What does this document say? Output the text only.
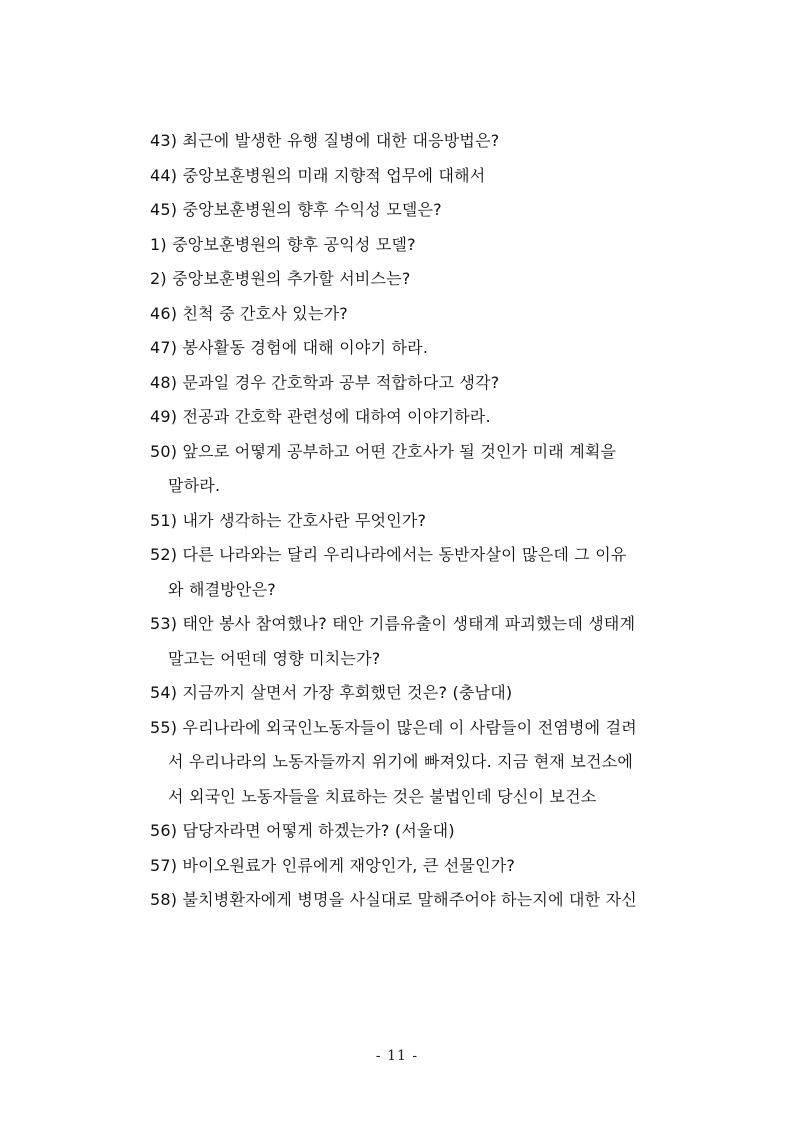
43) 최근에 발생한 유행 질병에 대한 대응방법은?
44) 중앙보훈병원의 미래 지향적 업무에 대해서
45) 중앙보훈병원의 향후 수익성 모델은?
1) 중앙보훈병원의 향후 공익성 모델?
2) 중앙보훈병원의 추가할 서비스는?
46) 친척 중 간호사 있는가?
47) 봉사활동 경험에 대해 이야기 하라.
48) 문과일 경우 간호학과 공부 적합하다고 생각?
49) 전공과 간호학 관련성에 대하여 이야기하라.
50) 앞으로 어떻게 공부하고 어떤 간호사가 될 것인가 미래 계획을
말하라.
51) 내가 생각하는 간호사란 무엇인가?
52) 다른 나라와는 달리 우리나라에서는 동반자살이 많은데 그 이유
와 해결방안은?
53) 태안 봉사 참여했나? 태안 기름유출이 생태계 파괴했는데 생태계
말고는 어떤데 영향 미치는가?
54) 지금까지 살면서 가장 후회했던 것은? (충남대)
55) 우리나라에 외국인노동자들이 많은데 이 사람들이 전염병에 걸려
서 우리나라의 노동자들까지 위기에 빠져있다. 지금 현재 보건소에
서 외국인 노동자들을 치료하는 것은 불법인데 당신이 보건소
56) 담당자라면 어떻게 하겠는가? (서울대)
57) 바이오원료가 인류에게 재앙인가, 큰 선물인가?
58) 불치병환자에게 병명을 사실대로 말해주어야 하는지에 대한 자신
- 11 -
